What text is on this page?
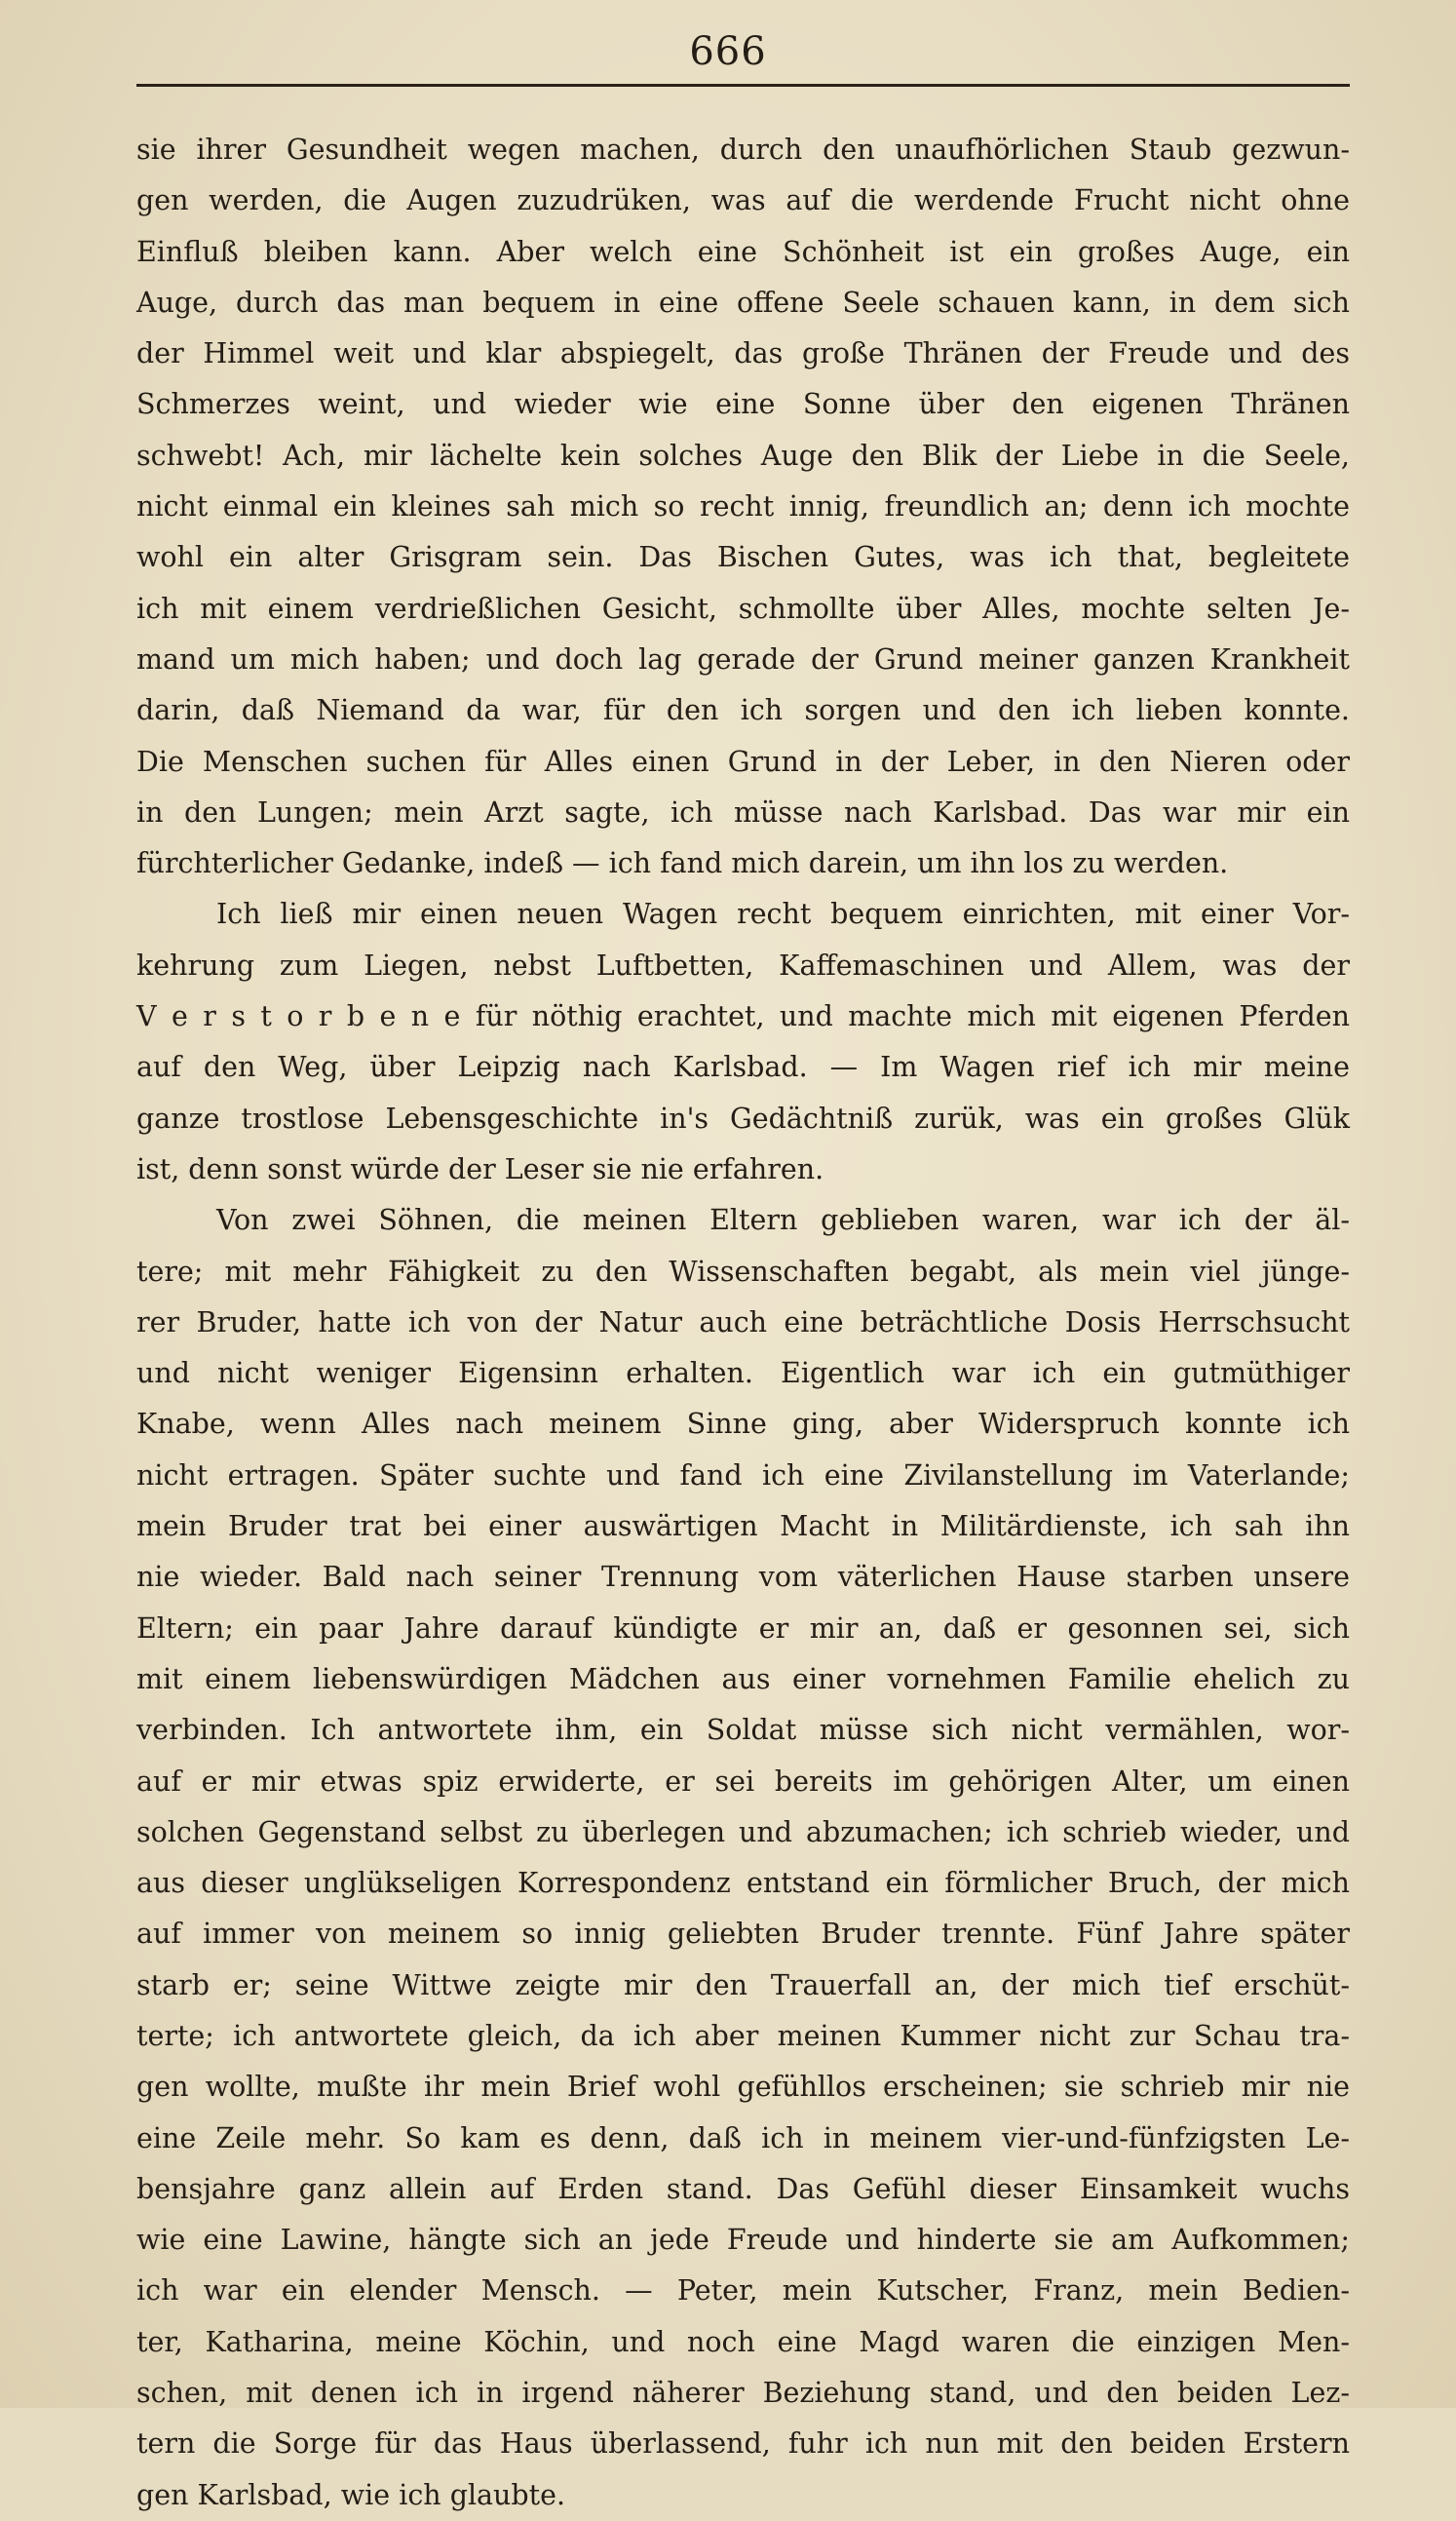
666
sie ihrer Gesundheit wegen machen, durch den unaufhörlichen Staub gezwun-
gen werden, die Augen zuzudrüken, was auf die werdende Frucht nicht ohne
Einfluß bleiben kann. Aber welch eine Schönheit ist ein großes Auge, ein
Auge, durch das man bequem in eine offene Seele schauen kann, in dem sich
der Himmel weit und klar abspiegelt, das große Thränen der Freude und des
Schmerzes weint, und wieder wie eine Sonne über den eigenen Thränen
schwebt! Ach, mir lächelte kein solches Auge den Blik der Liebe in die Seele,
nicht einmal ein kleines sah mich so recht innig, freundlich an; denn ich mochte
wohl ein alter Grisgram sein. Das Bischen Gutes, was ich that, begleitete
ich mit einem verdrießlichen Gesicht, schmollte über Alles, mochte selten Je-
mand um mich haben; und doch lag gerade der Grund meiner ganzen Krankheit
darin, daß Niemand da war, für den ich sorgen und den ich lieben konnte.
Die Menschen suchen für Alles einen Grund in der Leber, in den Nieren oder
in den Lungen; mein Arzt sagte, ich müsse nach Karlsbad. Das war mir ein
fürchterlicher Gedanke, indeß — ich fand mich darein, um ihn los zu werden.
Ich ließ mir einen neuen Wagen recht bequem einrichten, mit einer Vor-
kehrung zum Liegen, nebst Luftbetten, Kaffemaschinen und Allem, was der
V e r s t o r b e n e für nöthig erachtet, und machte mich mit eigenen Pferden
auf den Weg, über Leipzig nach Karlsbad. — Im Wagen rief ich mir meine
ganze trostlose Lebensgeschichte in's Gedächtniß zurük, was ein großes Glük
ist, denn sonst würde der Leser sie nie erfahren.
Von zwei Söhnen, die meinen Eltern geblieben waren, war ich der äl-
tere; mit mehr Fähigkeit zu den Wissenschaften begabt, als mein viel jünge-
rer Bruder, hatte ich von der Natur auch eine beträchtliche Dosis Herrschsucht
und nicht weniger Eigensinn erhalten. Eigentlich war ich ein gutmüthiger
Knabe, wenn Alles nach meinem Sinne ging, aber Widerspruch konnte ich
nicht ertragen. Später suchte und fand ich eine Zivilanstellung im Vaterlande;
mein Bruder trat bei einer auswärtigen Macht in Militärdienste, ich sah ihn
nie wieder. Bald nach seiner Trennung vom väterlichen Hause starben unsere
Eltern; ein paar Jahre darauf kündigte er mir an, daß er gesonnen sei, sich
mit einem liebenswürdigen Mädchen aus einer vornehmen Familie ehelich zu
verbinden. Ich antwortete ihm, ein Soldat müsse sich nicht vermählen, wor-
auf er mir etwas spiz erwiderte, er sei bereits im gehörigen Alter, um einen
solchen Gegenstand selbst zu überlegen und abzumachen; ich schrieb wieder, und
aus dieser unglükseligen Korrespondenz entstand ein förmlicher Bruch, der mich
auf immer von meinem so innig geliebten Bruder trennte. Fünf Jahre später
starb er; seine Wittwe zeigte mir den Trauerfall an, der mich tief erschüt-
terte; ich antwortete gleich, da ich aber meinen Kummer nicht zur Schau tra-
gen wollte, mußte ihr mein Brief wohl gefühllos erscheinen; sie schrieb mir nie
eine Zeile mehr. So kam es denn, daß ich in meinem vier-und-fünfzigsten Le-
bensjahre ganz allein auf Erden stand. Das Gefühl dieser Einsamkeit wuchs
wie eine Lawine, hängte sich an jede Freude und hinderte sie am Aufkommen;
ich war ein elender Mensch. — Peter, mein Kutscher, Franz, mein Bedien-
ter, Katharina, meine Köchin, und noch eine Magd waren die einzigen Men-
schen, mit denen ich in irgend näherer Beziehung stand, und den beiden Lez-
tern die Sorge für das Haus überlassend, fuhr ich nun mit den beiden Erstern
gen Karlsbad, wie ich glaubte.
